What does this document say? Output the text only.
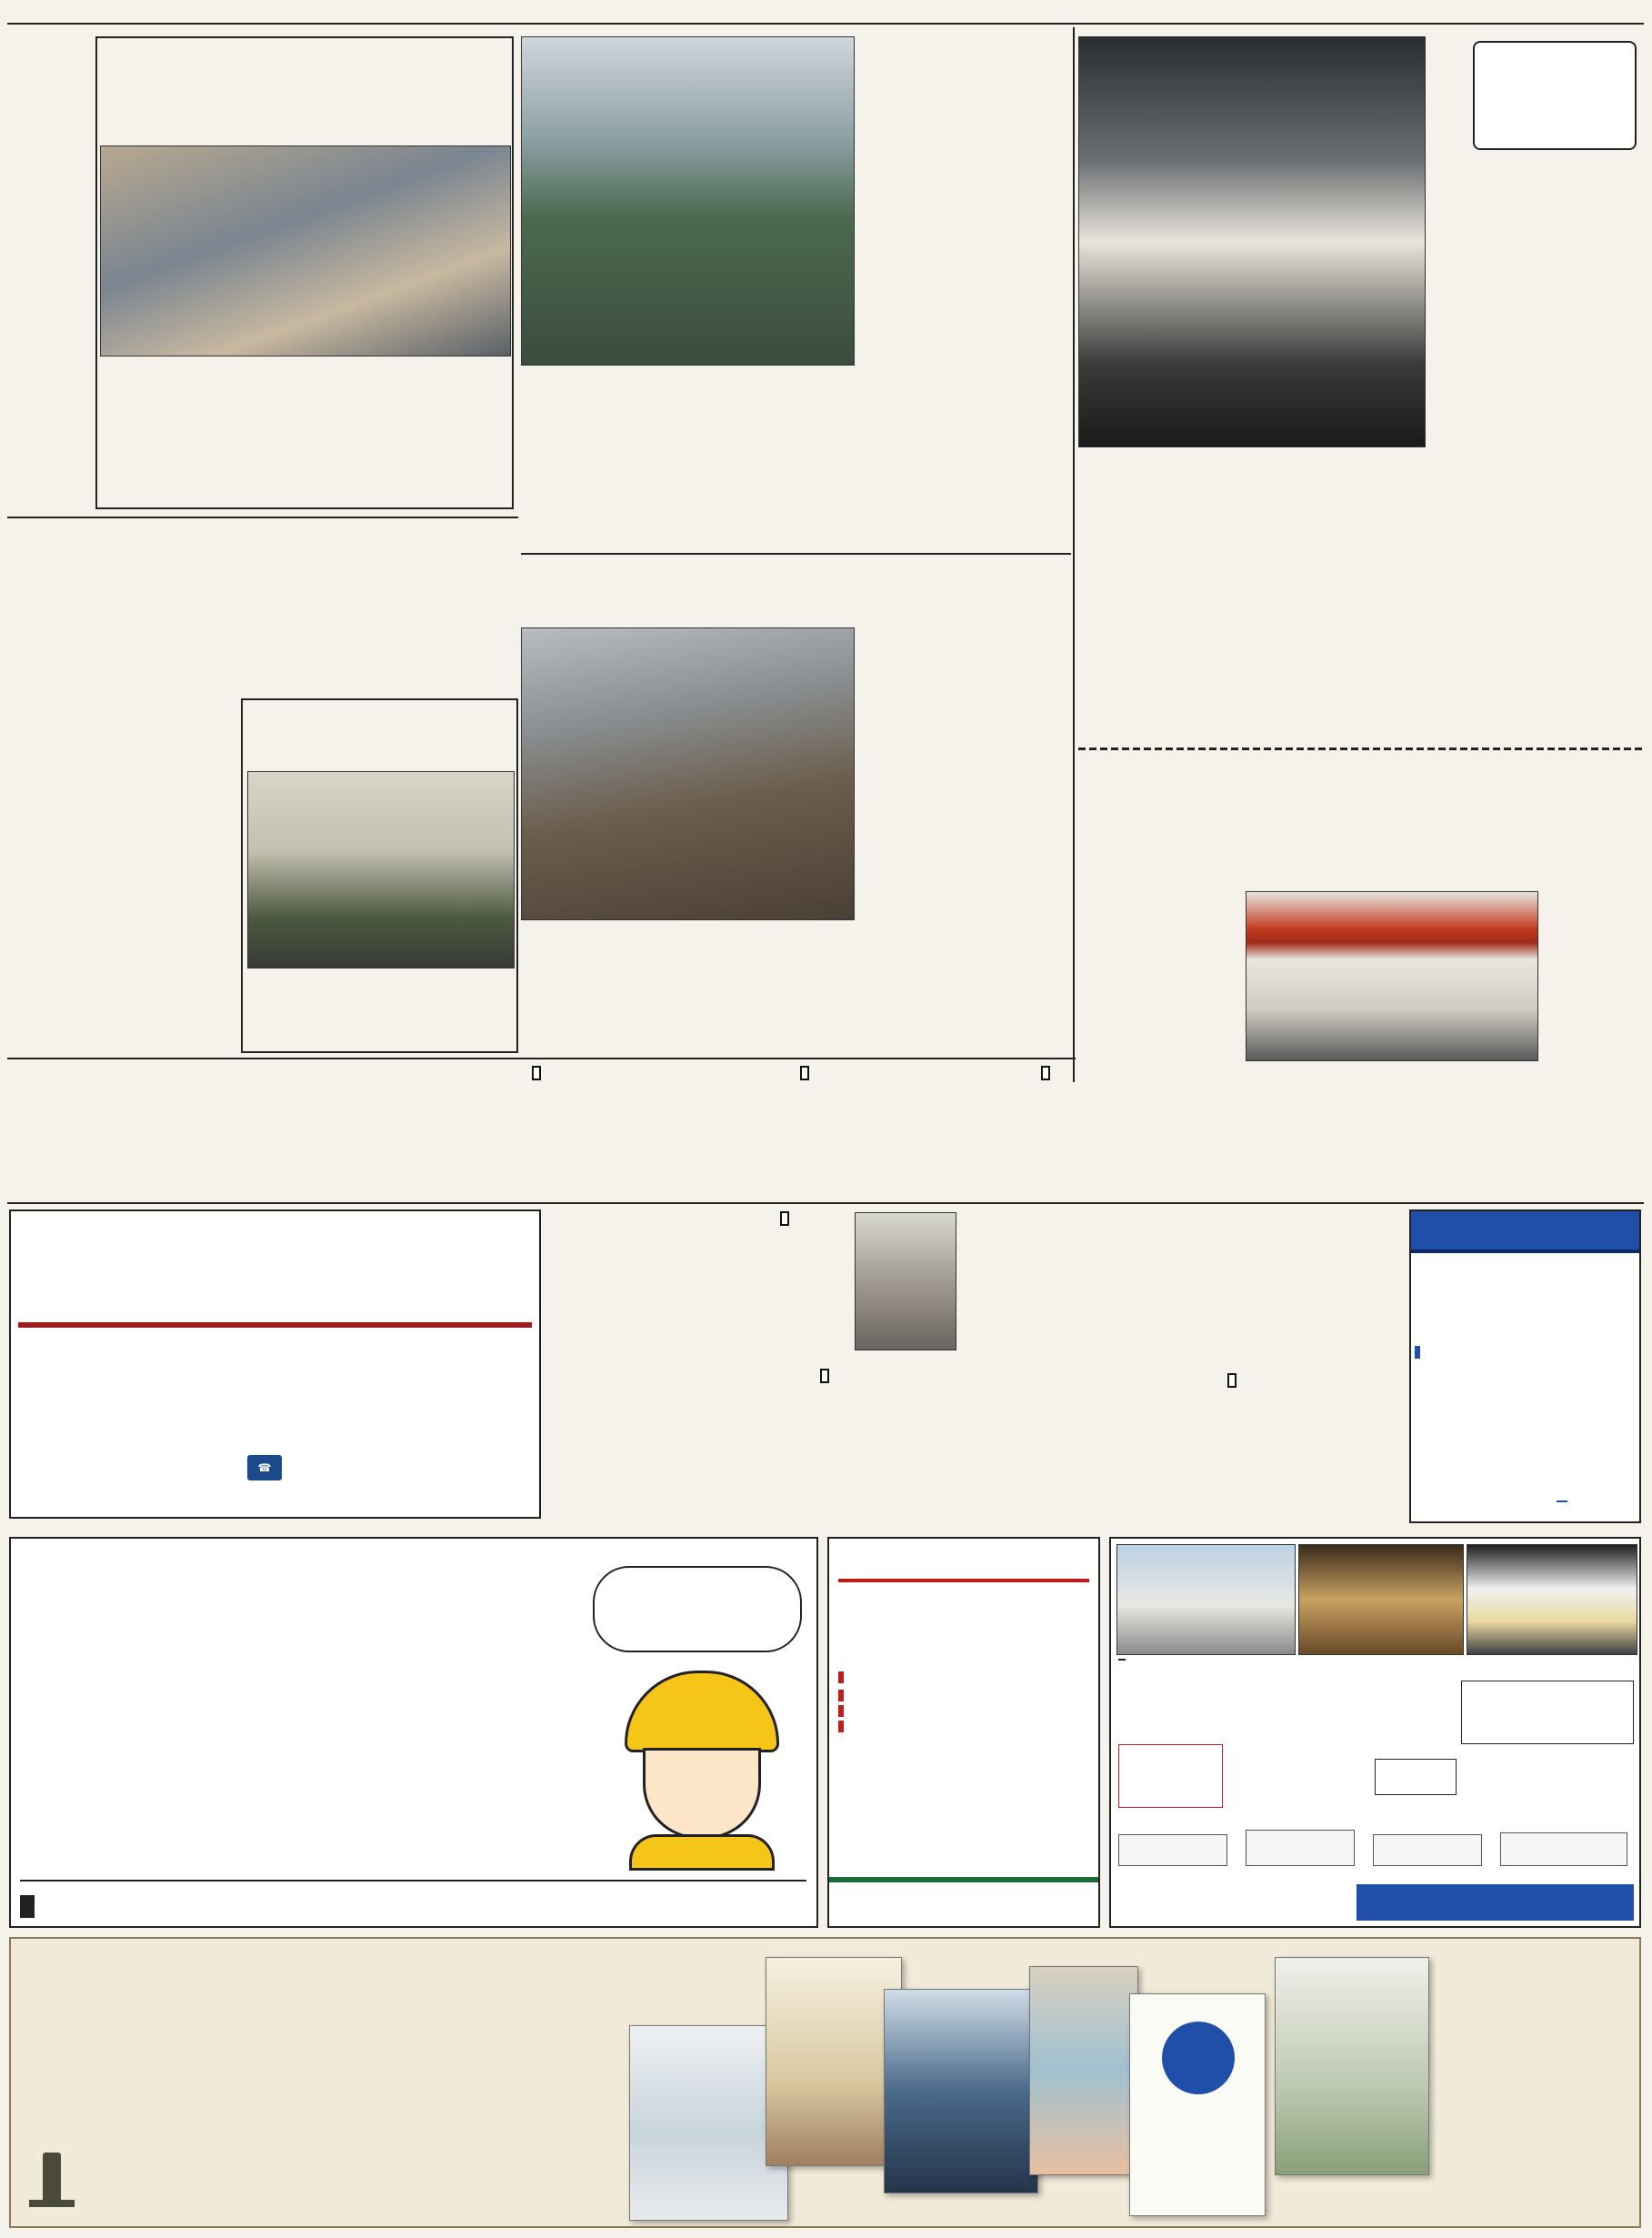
☎
